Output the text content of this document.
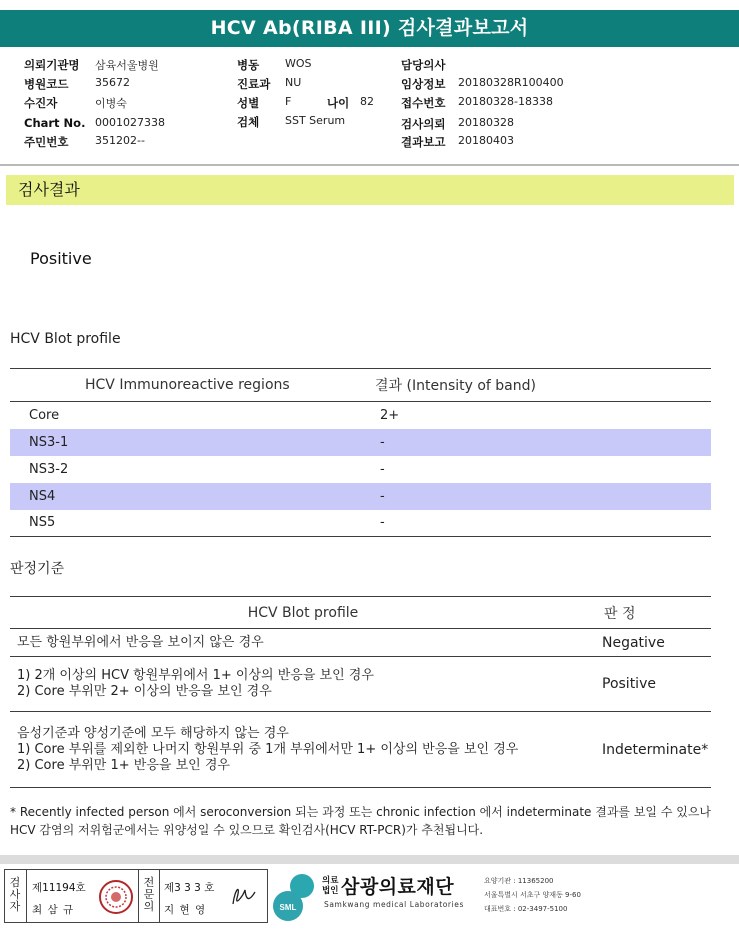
HCV Ab(RIBA III) 검사결과보고서
의뢰기관명 삼육서울병원
병원코드 35672
수진자	이병숙
Chart No. 0001027338
주민번호 351202--
병동 WOS
진료과 NU
성별 F	나이 82
검체 SST Serum
담당의사
임상정보 20180328R100400
접수번호 20180328-18338
검사의뢰 20180328
결과보고 20180403
검사결과
Positive
HCV Blot profile
HCV Immunoreactive regions	결과 (Intensity of band)
Core	2+
NS3-1	-
NS3-2	-
NS4	-
NS5	-
판정기준
HCV Blot profile	판 정

모든 항원부위에서 반응을 보이지 않은 경우	Negative

1) 2개 이상의 HCV 항원부위에서 1+ 이상의 반응을 보인 경우
2) Core 부위만 2+ 이상의 반응을 보인 경우	Positive

음성기준과 양성기준에 모두 해당하지 않는 경우
1) Core 부위를 제외한 나머지 항원부위 중 1개 부위에서만 1+ 이상의 반응을 보인 경우
2) Core 부위만 1+ 반응을 보인 경우	Indeterminate*
* Recently infected person 에서 seroconversion 되는 과정 또는 chronic infection 에서 indeterminate 결과를 보일 수 있으나 HCV 감염의 저위험군에서는 위양성일 수 있으므로 확인검사(HCV RT-PCR)가 추천됩니다.
검사자
제11194호
최 삼 규
전문의
제3 3 3 호
지 현 영	SML
의료
법인 삼광의료재단
Samkwang medical Laboratories
요양기관 : 11365200
서울특별시 서초구 양재동 9-60
대표번호 : 02-3497-5100
